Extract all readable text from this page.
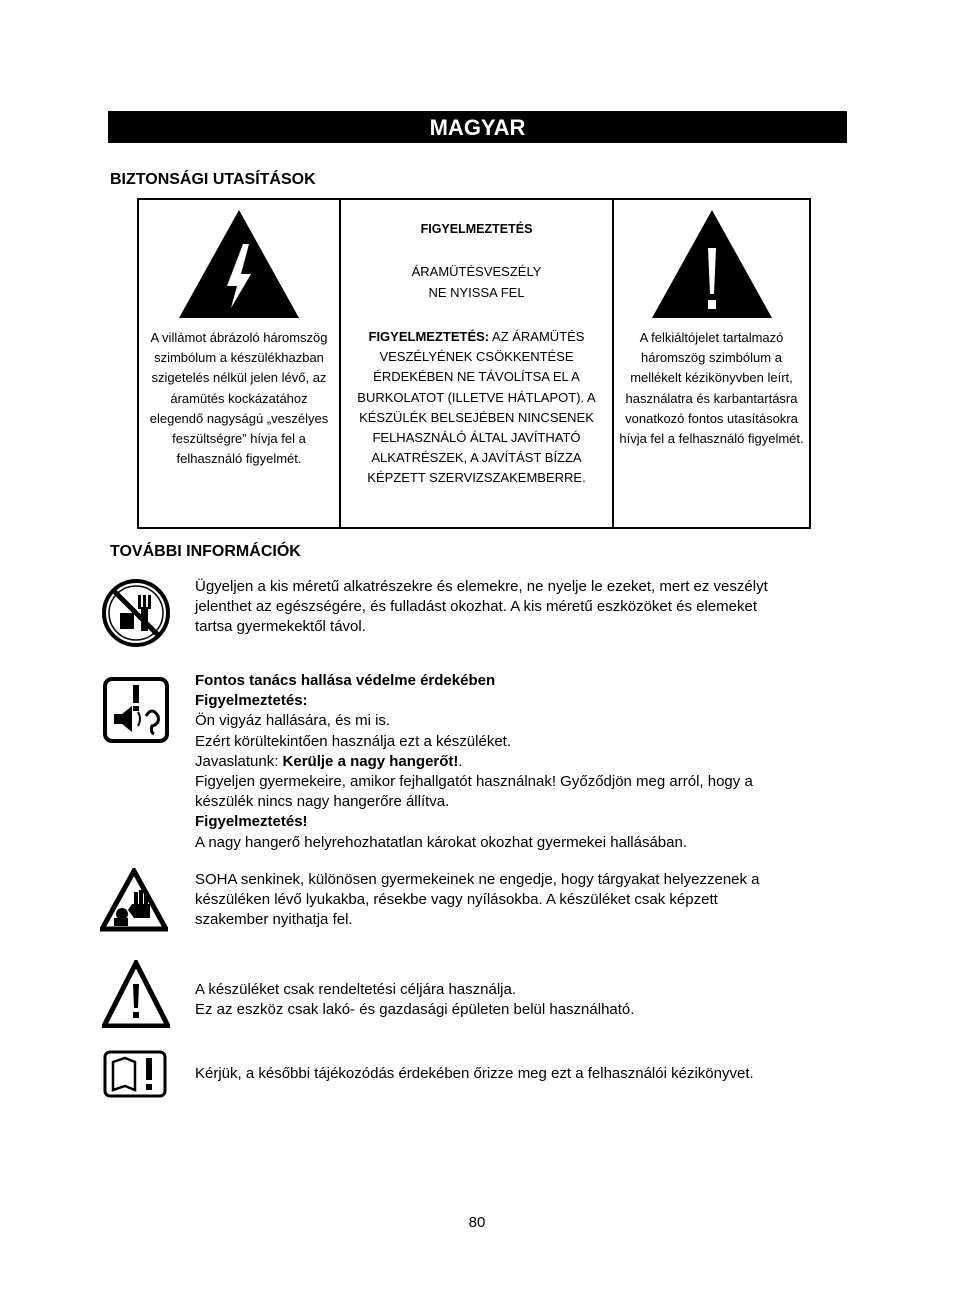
MAGYAR
BIZTONSÁGI UTASÍTÁSOK
A villámot ábrázoló háromszög szimbólum a készülékhazban szigetelés nélkül jelen lévő, az áramütés kockázatához elegendő nagyságú „veszélyes feszültségre” hívja fel a felhasználó figyelmét.
FIGYELMEZTETÉS
ÁRAMÜTÉSVESZÉLY
NE NYISSA FEL
FIGYELMEZTETÉS: AZ ÁRAMÜTÉS VESZÉLYÉNEK CSÖKKENTÉSE ÉRDEKÉBEN NE TÁVOLÍTSA EL A BURKOLATOT (ILLETVE HÁTLAPOT). A KÉSZÜLÉK BELSEJÉBEN NINCSENEK FELHASZNÁLÓ ÁLTAL JAVÍTHATÓ ALKATRÉSZEK, A JAVÍTÁST BÍZZA KÉPZETT SZERVIZSZAKEMBERRE.
A felkiáltójelet tartalmazó háromszög szimbólum a mellékelt kézikönyvben leírt, használatra és karbantartásra vonatkozó fontos utasításokra hívja fel a felhasználó figyelmét.
TOVÁBBI INFORMÁCIÓK
Ügyeljen a kis méretű alkatrészekre és elemekre, ne nyelje le ezeket, mert ez veszélyt
jelenthet az egészségére, és fulladást okozhat. A kis méretű eszközöket és elemeket
tartsa gyermekektől távol.
Fontos tanács hallása védelme érdekében
Figyelmeztetés:
Ön vigyáz hallására, és mi is.
Ezért körültekintően használja ezt a készüléket.
Javaslatunk: Kerülje a nagy hangerőt!.
Figyeljen gyermekeire, amikor fejhallgatót használnak! Győződjön meg arról, hogy a
készülék nincs nagy hangerőre állítva.
Figyelmeztetés!
A nagy hangerő helyrehozhatatlan károkat okozhat gyermekei hallásában.
SOHA senkinek, különösen gyermekeinek ne engedje, hogy tárgyakat helyezzenek a
készüléken lévő lyukakba, résekbe vagy nyílásokba. A készüléket csak képzett
szakember nyithatja fel.
A készüléket csak rendeltetési céljára használja.
Ez az eszköz csak lakó- és gazdasági épületen belül használható.
Kérjük, a későbbi tájékozódás érdekében őrizze meg ezt a felhasználói kézikönyvet.
80
